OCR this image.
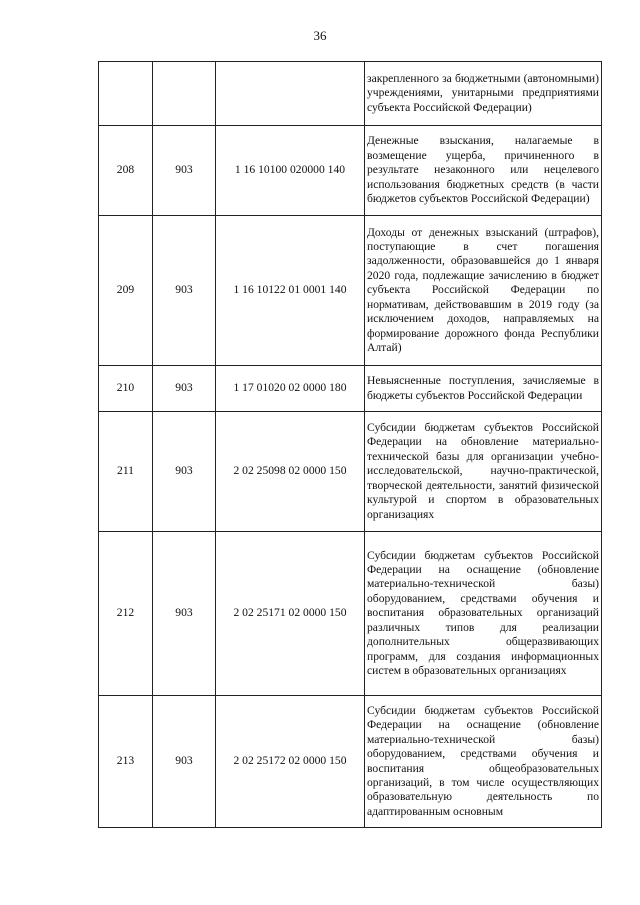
36

			закрепленного за бюджетными (автономными) учреждениями, унитарными предприятиями субъекта Российской Федерации)

208	903	1 16 10100 020000 140	Денежные взыскания, налагаемые в возмещение ущерба, причиненного в результате незаконного или нецелевого использования бюджетных средств (в части бюджетов субъектов Российской Федерации)

209	903	1 16 10122 01 0001 140	Доходы от денежных взысканий (штрафов), поступающие в счет погашения задолженности, образовавшейся до 1 января 2020 года, подлежащие зачислению в бюджет субъекта Российской Федерации по нормативам, действовавшим в 2019 году (за исключением доходов, направляемых на формирование дорожного фонда Республики Алтай)

210	903	1 17 01020 02 0000 180	Невыясненные поступления, зачисляемые в бюджеты субъектов Российской Федерации

211	903	2 02 25098 02 0000 150	Субсидии бюджетам субъектов Российской Федерации на обновление материально-технической базы для организации учебно-исследовательской, научно-практической, творческой деятельности, занятий физической культурой и спортом в образовательных организациях

212	903	2 02 25171 02 0000 150	Субсидии бюджетам субъектов Российской Федерации на оснащение (обновление материально-технической базы) оборудованием, средствами обучения и воспитания образовательных организаций различных типов для реализации дополнительных общеразвивающих программ, для создания информационных систем в образовательных организациях

213	903	2 02 25172 02 0000 150	Субсидии бюджетам субъектов Российской Федерации на оснащение (обновление материально-технической базы) оборудованием, средствами обучения и воспитания общеобразовательных организаций, в том числе осуществляющих образовательную деятельность по адаптированным основным
